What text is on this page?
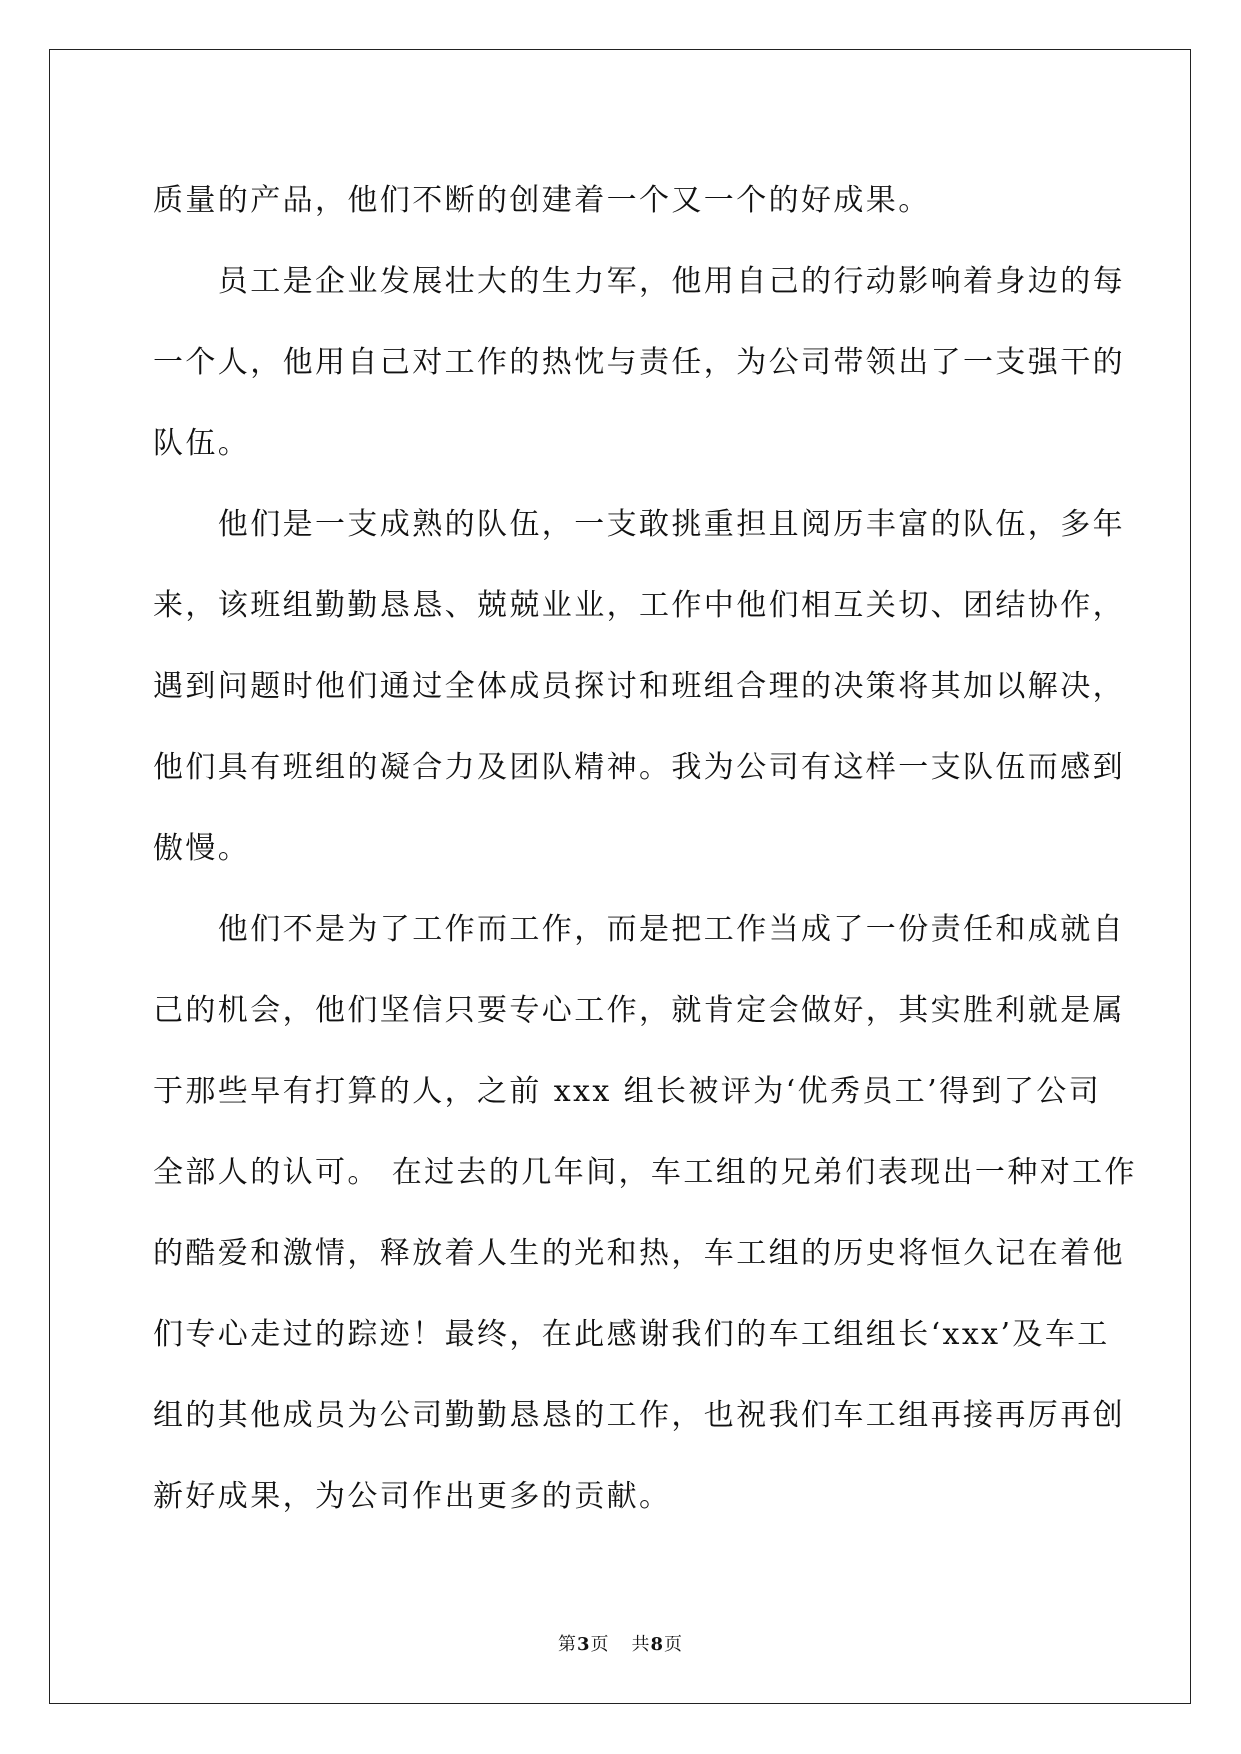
质量的产品，他们不断的创建着一个又一个的好成果。
　　员工是企业发展壮大的生力军，他用自己的行动影响着身边的每
一个人，他用自己对工作的热忱与责任，为公司带领出了一支强干的
队伍。
　　他们是一支成熟的队伍，一支敢挑重担且阅历丰富的队伍，多年
来，该班组勤勤恳恳、兢兢业业，工作中他们相互关切、团结协作，
遇到问题时他们通过全体成员探讨和班组合理的决策将其加以解决，
他们具有班组的凝合力及团队精神。我为公司有这样一支队伍而感到
傲慢。
　　他们不是为了工作而工作，而是把工作当成了一份责任和成就自
己的机会，他们坚信只要专心工作，就肯定会做好，其实胜利就是属
于那些早有打算的人，之前 xxx 组长被评为‘优秀员工’得到了公司
全部人的认可。 在过去的几年间，车工组的兄弟们表现出一种对工作
的酷爱和激情，释放着人生的光和热，车工组的历史将恒久记在着他
们专心走过的踪迹！最终，在此感谢我们的车工组组长‘xxx’及车工
组的其他成员为公司勤勤恳恳的工作，也祝我们车工组再接再厉再创
新好成果，为公司作出更多的贡献。
第3页 共8页
